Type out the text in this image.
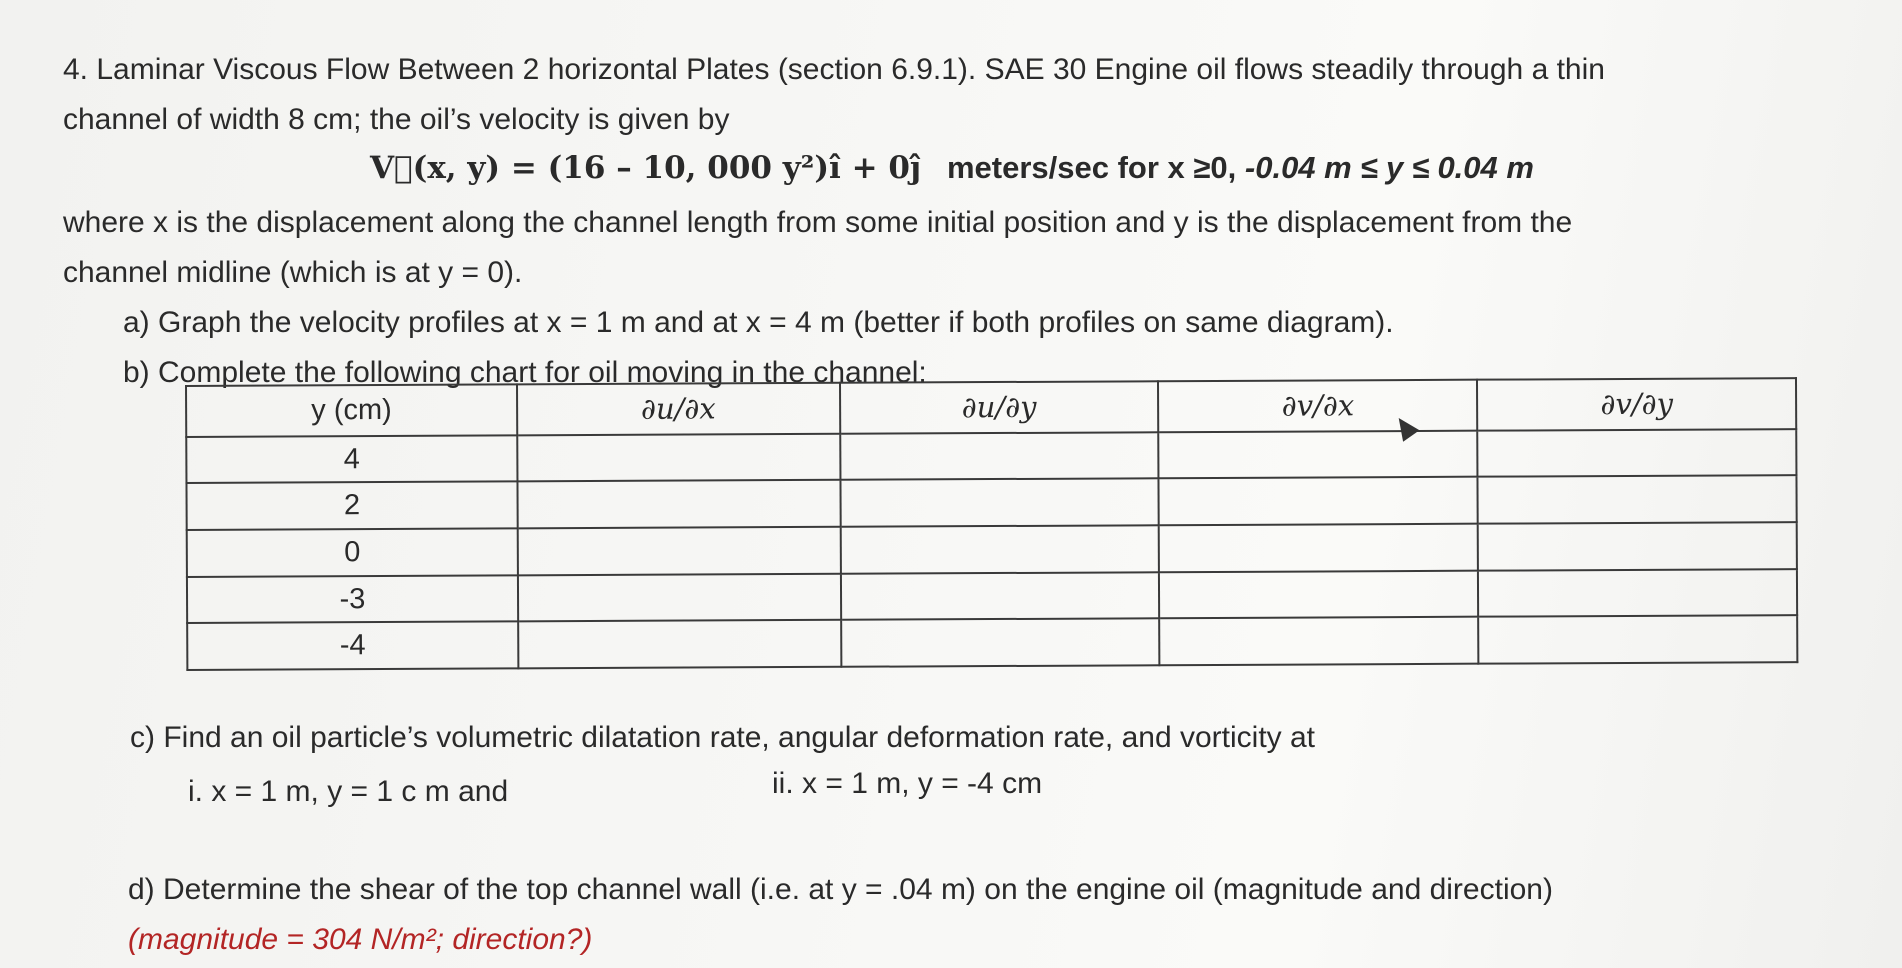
4. Laminar Viscous Flow Between 2 horizontal Plates (section 6.9.1). SAE 30 Engine oil flows steadily through a thin
channel of width 8 cm; the oil’s velocity is given by
V⃗(x, y) = (16 – 10, 000 y²)ı̂ + 0ȷ̂ meters/sec for x ≥0, -0.04 m ≤ y ≤ 0.04 m
where x is the displacement along the channel length from some initial position and y is the displacement from the
channel midline (which is at y = 0).
a) Graph the velocity profiles at x = 1 m and at x = 4 m (better if both profiles on same diagram).
b) Complete the following chart for oil moving in the channel:
y (cm)	∂u/∂x	∂u/∂y	∂v/∂x	∂v/∂y
4				
2				
0				
-3				
-4				
c) Find an oil particle’s volumetric dilatation rate, angular deformation rate, and vorticity at
i. x = 1 m, y = 1 c m and	ii. x = 1 m, y = -4 cm
d) Determine the shear of the top channel wall (i.e. at y = .04 m) on the engine oil (magnitude and direction)
(magnitude = 304 N/m²; direction?)
